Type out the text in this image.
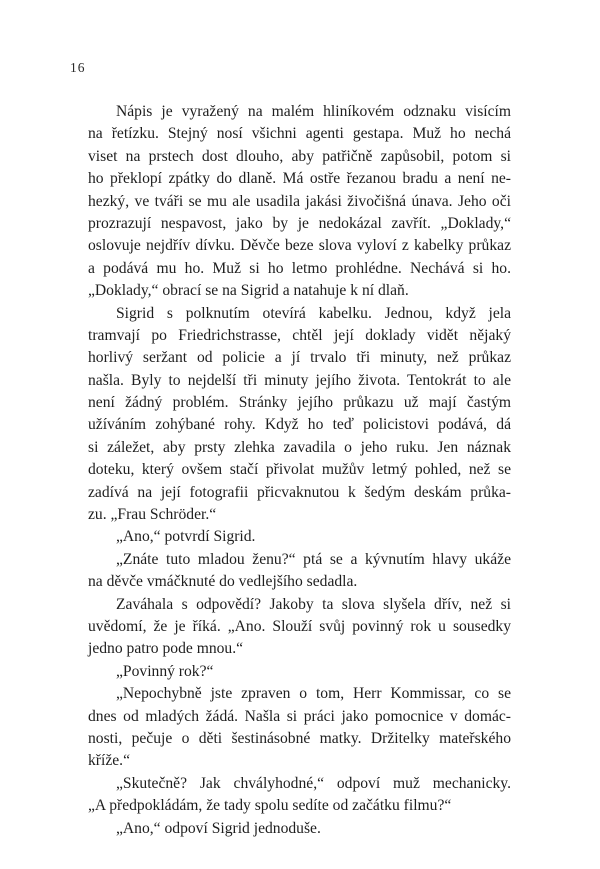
16
Nápis je vyražený na malém hliníkovém odznaku visícím
na řetízku. Stejný nosí všichni agenti gestapa. Muž ho nechá
viset na prstech dost dlouho, aby patřičně zapůsobil, potom si
ho překlopí zpátky do dlaně. Má ostře řezanou bradu a není ne-
hezký, ve tváři se mu ale usadila jakási živočišná únava. Jeho oči
prozrazují nespavost, jako by je nedokázal zavřít. „Doklady,“
oslovuje nejdřív dívku. Děvče beze slova vyloví z kabelky průkaz
a podává mu ho. Muž si ho letmo prohlédne. Nechává si ho.
„Doklady,“ obrací se na Sigrid a natahuje k ní dlaň.
Sigrid s polknutím otevírá kabelku. Jednou, když jela
tramvají po Friedrichstrasse, chtěl její doklady vidět nějaký
horlivý seržant od policie a jí trvalo tři minuty, než průkaz
našla. Byly to nejdelší tři minuty jejího života. Tentokrát to ale
není žádný problém. Stránky jejího průkazu už mají častým
užíváním zohýbané rohy. Když ho teď policistovi podává, dá
si záležet, aby prsty zlehka zavadila o jeho ruku. Jen náznak
doteku, který ovšem stačí přivolat mužův letmý pohled, než se
zadívá na její fotografii přicvaknutou k šedým deskám průka-
zu. „Frau Schröder.“
„Ano,“ potvrdí Sigrid.
„Znáte tuto mladou ženu?“ ptá se a kývnutím hlavy ukáže
na děvče vmáčknuté do vedlejšího sedadla.
Zaváhala s odpovědí? Jakoby ta slova slyšela dřív, než si
uvědomí, že je říká. „Ano. Slouží svůj povinný rok u sousedky
jedno patro pode mnou.“
„Povinný rok?“
„Nepochybně jste zpraven o tom, Herr Kommissar, co se
dnes od mladých žádá. Našla si práci jako pomocnice v domác-
nosti, pečuje o děti šestinásobné matky. Držitelky mateřského
kříže.“
„Skutečně? Jak chvályhodné,“ odpoví muž mechanicky.
„A předpokládám, že tady spolu sedíte od začátku filmu?“
„Ano,“ odpoví Sigrid jednoduše.
